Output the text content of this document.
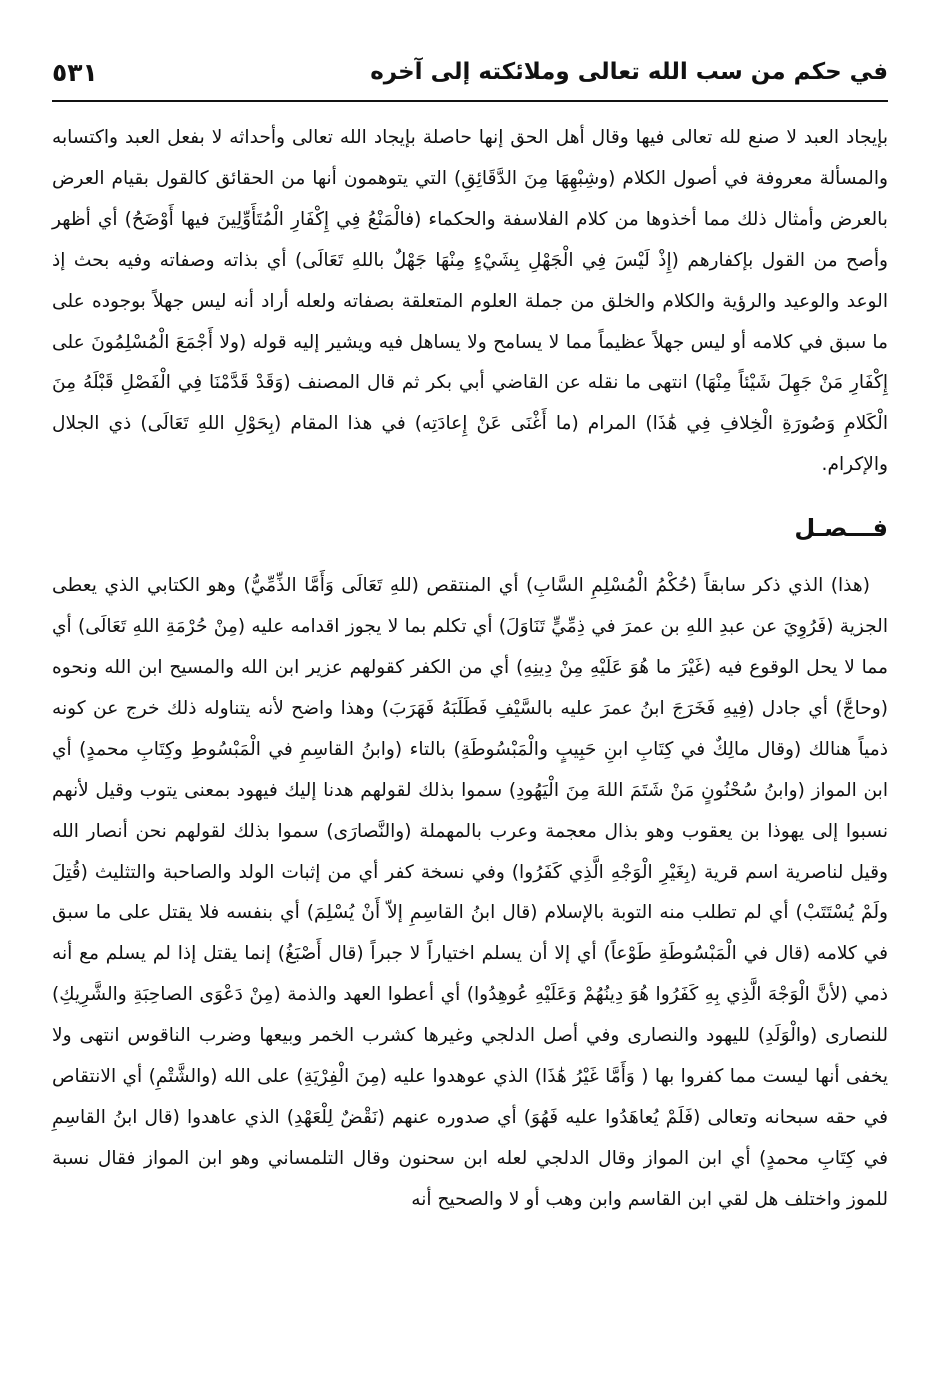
في حكم من سب الله تعالى وملائكته إلى آخره
٥٣١

بإيجاد العبد لا صنع لله تعالى فيها وقال أهل الحق إنها حاصلة بإيجاد الله تعالى وأحداثه لا بفعل العبد واكتسابه والمسألة معروفة في أصول الكلام (وشِبْهِهَا مِنَ الدَّقَائِقِ) التي يتوهمون أنها من الحقائق كالقول بقيام العرض بالعرض وأمثال ذلك مما أخذوها من كلام الفلاسفة والحكماء (فالْمَنْعُ فِي إِكْفَارِ الْمُتَأَوِّلِينَ فيها أَوْضَحُ) أي أظهر وأصح من القول بإكفارهم (إِذْ لَيْسَ فِي الْجَهْلِ بِشَيْءٍ مِنْهَا جَهْلٌ باللهِ تَعَالَى) أي بذاته وصفاته وفيه بحث إذ الوعد والوعيد والرؤية والكلام والخلق من جملة العلوم المتعلقة بصفاته ولعله أراد أنه ليس جهلاً بوجوده على ما سبق في كلامه أو ليس جهلاً عظيماً مما لا يسامح ولا يساهل فيه ويشير إليه قوله (ولا أَجْمَعَ الْمُسْلِمُونَ على إِكْفَارِ مَنْ جَهِلَ شَيْئاً مِنْهَا) انتهى ما نقله عن القاضي أبي بكر ثم قال المصنف (وَقَدْ قَدَّمْنَا فِي الْفَصْلِ قَبْلَهُ مِنَ الْكَلامِ وَصُورَةِ الْخِلافِ فِي هَٰذَا) المرام (ما أَغْنَى عَنْ إِعادَتِه) في هذا المقام (بِحَوْلِ اللهِ تَعَالَى) ذي الجلال والإكرام.

فـــصـل

(هذا) الذي ذكر سابقاً (حُكْمُ الْمُسْلِمِ السَّابِ) أي المنتقص (للهِ تَعَالَى وَأَمَّا الذِّمِّيُّ) وهو الكتابي الذي يعطى الجزية (فَرُوِيَ عن عبدِ اللهِ بن عمرَ في ذِمِّيٍّ تَنَاوَلَ) أي تكلم بما لا يجوز اقدامه عليه (مِنْ حُرْمَةِ اللهِ تَعَالَى) أي مما لا يحل الوقوع فيه (غَيْرَ ما هُوَ عَلَيْهِ مِنْ دِينِهِ) أي من الكفر كقولهم عزير ابن الله والمسيح ابن الله ونحوه (وحاجَّ) أي جادل (فِيهِ فَخَرَجَ ابنُ عمرَ عليه بالسَّيْفِ فَطَلَبَهُ فَهَرَبَ) وهذا واضح لأنه يتناوله ذلك خرج عن كونه ذمياً هنالك (وقال مالِكٌ في كِتَابِ ابنِ حَبِيبٍ والْمَبْسُوطَةِ) بالتاء (وابنُ القاسِمِ في الْمَبْسُوطِ وكِتَابِ محمدٍ) أي ابن المواز (وابنُ سُحْنُونٍ مَنْ شَتَمَ اللهَ مِنَ الْيَهُودِ) سموا بذلك لقولهم هدنا إليك فيهود بمعنى يتوب وقيل لأنهم نسبوا إلى يهوذا بن يعقوب وهو بذال معجمة وعرب بالمهملة (والنَّصارَى) سموا بذلك لقولهم نحن أنصار الله وقيل لناصرية اسم قرية (بِغَيْرِ الْوَجْهِ الَّذِي كَفَرُوا) وفي نسخة كفر أي من إثبات الولد والصاحبة والتثليث (قُتِلَ ولَمْ يُسْتَتَبْ) أي لم تطلب منه التوبة بالإسلام (قال ابنُ القاسِمِ إلاّ أَنْ يُسْلِمَ) أي بنفسه فلا يقتل على ما سبق في كلامه (قال في الْمَبْسُوطَةِ طَوْعاً) أي إلا أن يسلم اختياراً لا جبراً (قال أَصْبَغُ) إنما يقتل إذا لم يسلم مع أنه ذمي (لأنَّ الْوَجْهَ الَّذِي بِهِ كَفَرُوا هُوَ دِينُهُمْ وَعَلَيْهِ عُوهِدُوا) أي أعطوا العهد والذمة (مِنْ دَعْوَى الصاحِبَةِ والشَّرِيكِ) للنصارى (والْوَلَدِ) لليهود والنصارى وفي أصل الدلجي وغيرها كشرب الخمر وبيعها وضرب الناقوس انتهى ولا يخفى أنها ليست مما كفروا بها ( وَأَمَّا غَيْرُ هَٰذَا) الذي عوهدوا عليه (مِنَ الْفِرْيَةِ) على الله (والشَّتْمِ) أي الانتقاص في حقه سبحانه وتعالى (فَلَمْ يُعاهَدُوا عليه فَهُوَ) أي صدوره عنهم (نَقْضٌ لِلْعَهْدِ) الذي عاهدوا (قال ابنُ القاسِمِ في كِتَابِ محمدٍ) أي ابن المواز وقال الدلجي لعله ابن سحنون وقال التلمساني وهو ابن المواز فقال نسبة للموز واختلف هل لقي ابن القاسم وابن وهب أو لا والصحيح أنه
